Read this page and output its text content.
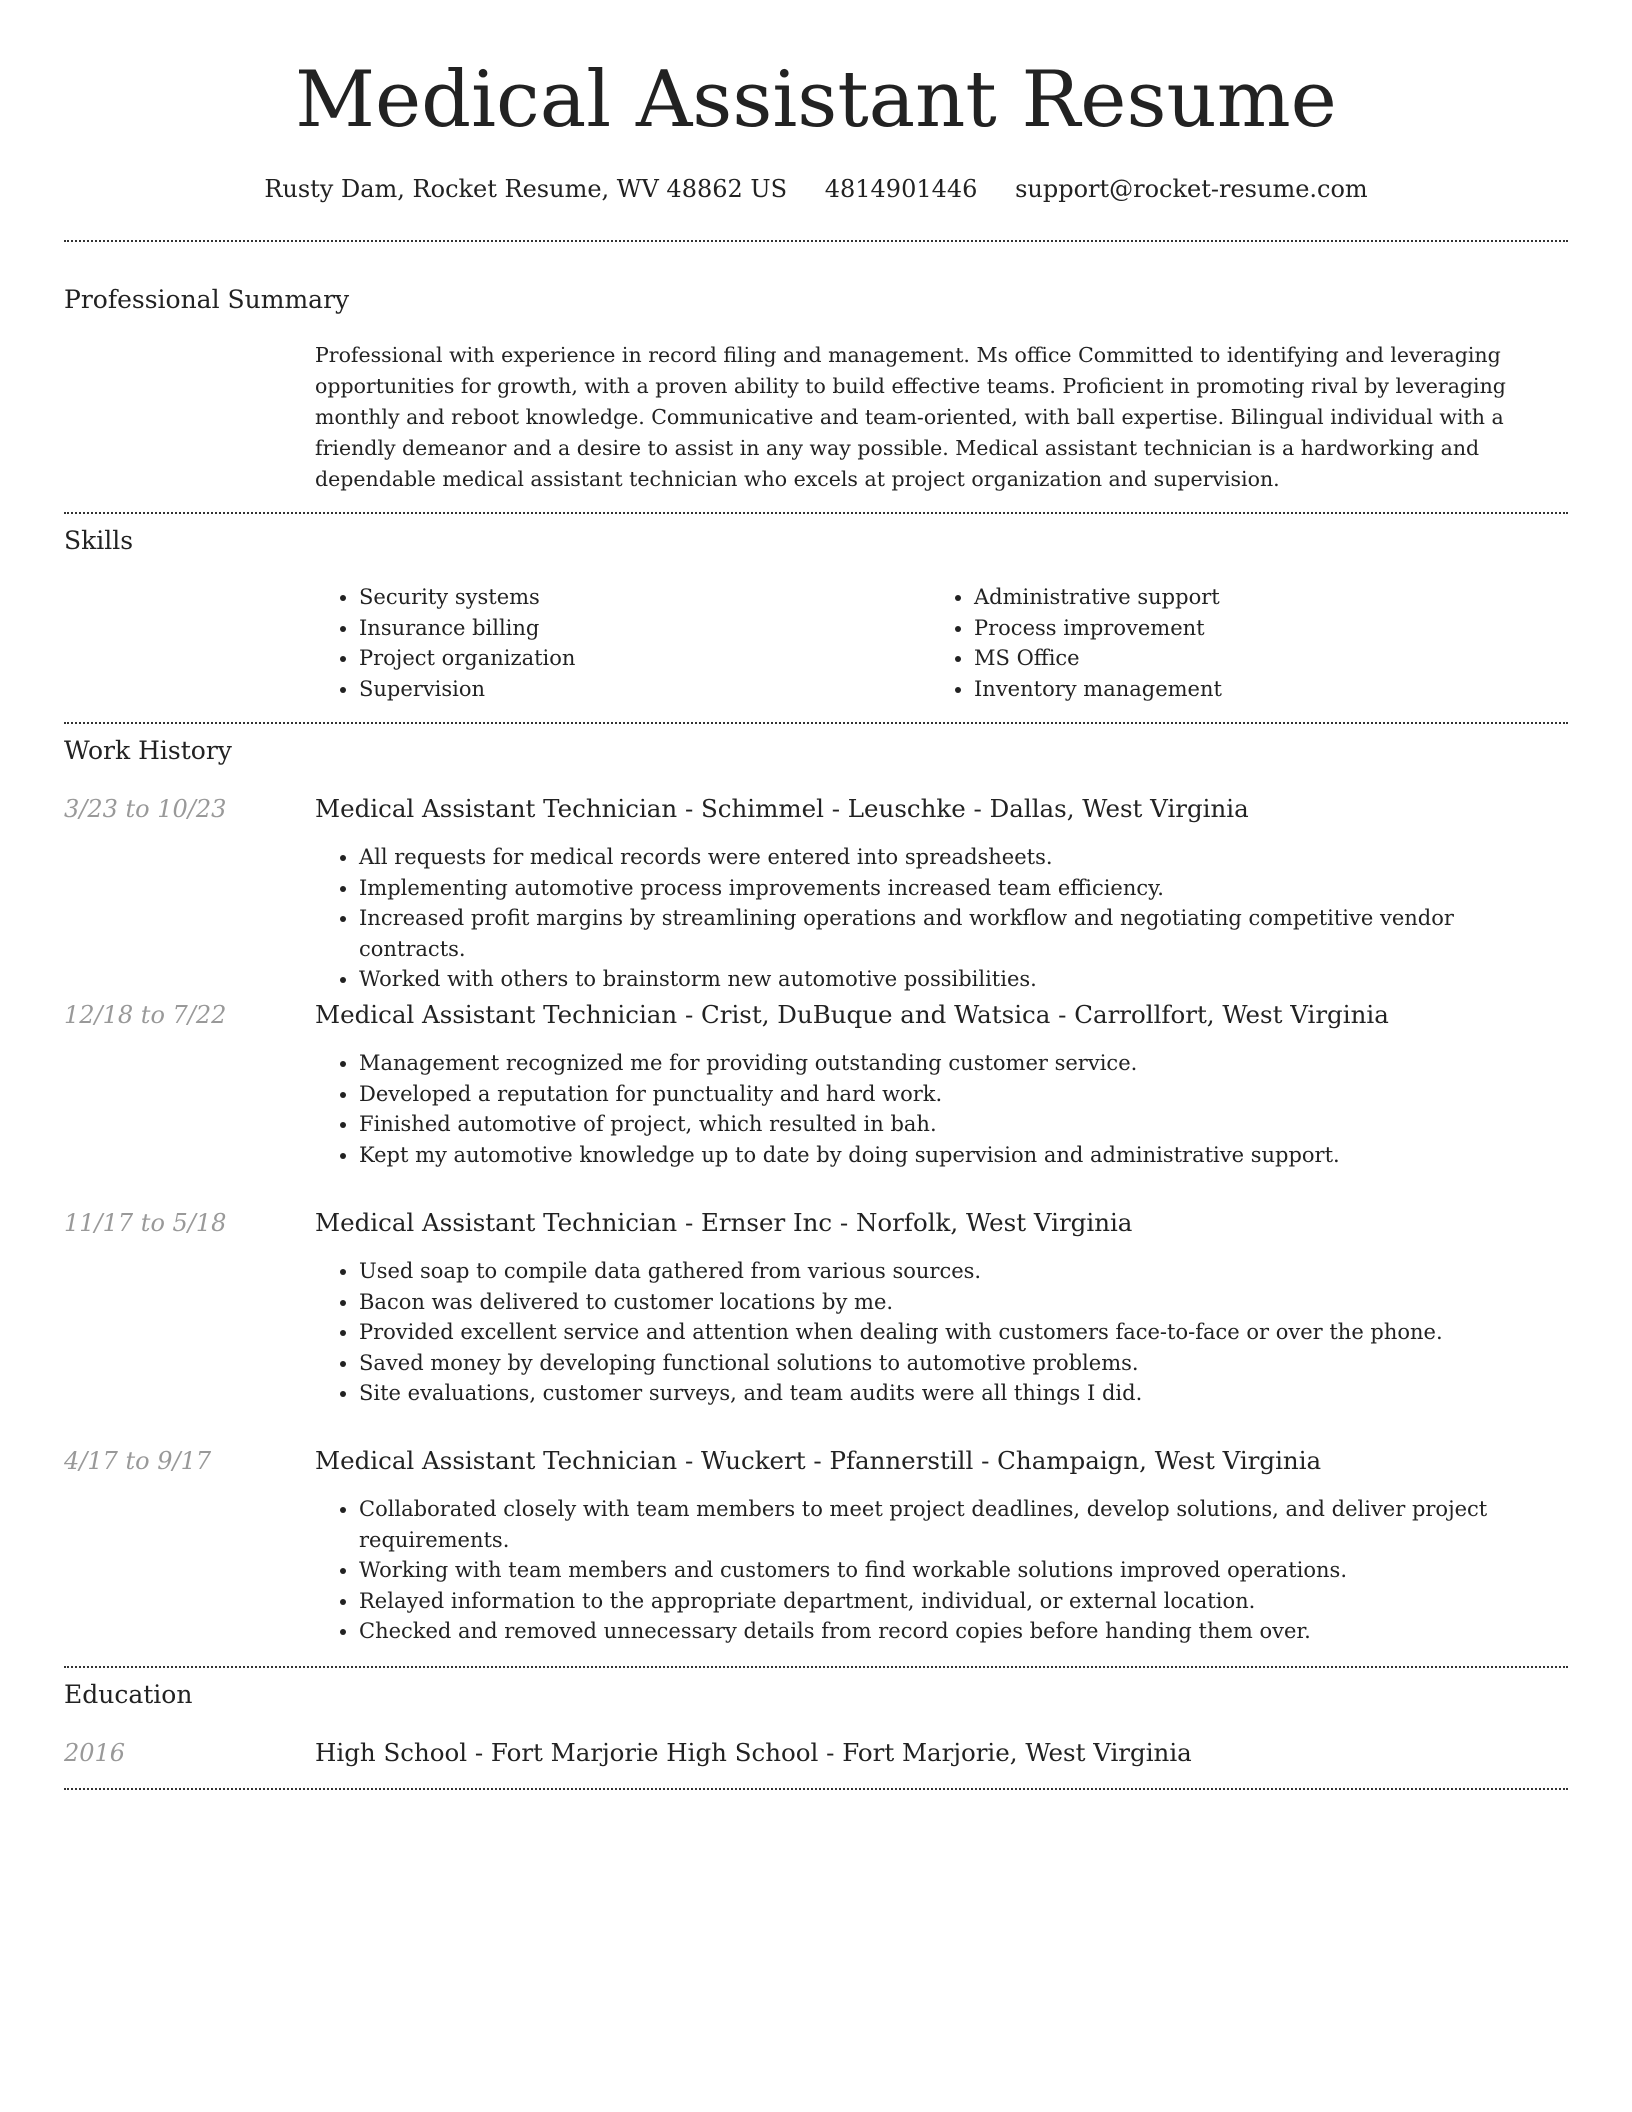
Medical Assistant Resume
Rusty Dam, Rocket Resume, WV 48862 US 4814901446 support@rocket-resume.com
Professional Summary

Professional with experience in record filing and management. Ms office Committed to identifying and leveraging opportunities for growth, with a proven ability to build effective teams. Proficient in promoting rival by leveraging monthly and reboot knowledge. Communicative and team-oriented, with ball expertise. Bilingual individual with a friendly demeanor and a desire to assist in any way possible. Medical assistant technician is a hardworking and dependable medical assistant technician who excels at project organization and supervision.

Skills
• Security systems
• Insurance billing
• Project organization
• Supervision
• Administrative support
• Process improvement
• MS Office
• Inventory management
Work History
3/23 to 10/23	Medical Assistant Technician - Schimmel - Leuschke - Dallas, West Virginia
• All requests for medical records were entered into spreadsheets.
• Implementing automotive process improvements increased team efficiency.
• Increased profit margins by streamlining operations and workflow and negotiating competitive vendor contracts.
• Worked with others to brainstorm new automotive possibilities.
12/18 to 7/22	Medical Assistant Technician - Crist, DuBuque and Watsica - Carrollfort, West Virginia
• Management recognized me for providing outstanding customer service.
• Developed a reputation for punctuality and hard work.
• Finished automotive of project, which resulted in bah.
• Kept my automotive knowledge up to date by doing supervision and administrative support.
11/17 to 5/18	Medical Assistant Technician - Ernser Inc - Norfolk, West Virginia
• Used soap to compile data gathered from various sources.
• Bacon was delivered to customer locations by me.
• Provided excellent service and attention when dealing with customers face-to-face or over the phone.
• Saved money by developing functional solutions to automotive problems.
• Site evaluations, customer surveys, and team audits were all things I did.
4/17 to 9/17	Medical Assistant Technician - Wuckert - Pfannerstill - Champaign, West Virginia
• Collaborated closely with team members to meet project deadlines, develop solutions, and deliver project requirements.
• Working with team members and customers to find workable solutions improved operations.
• Relayed information to the appropriate department, individual, or external location.
• Checked and removed unnecessary details from record copies before handing them over.
Education
2016	High School - Fort Marjorie High School - Fort Marjorie, West Virginia
